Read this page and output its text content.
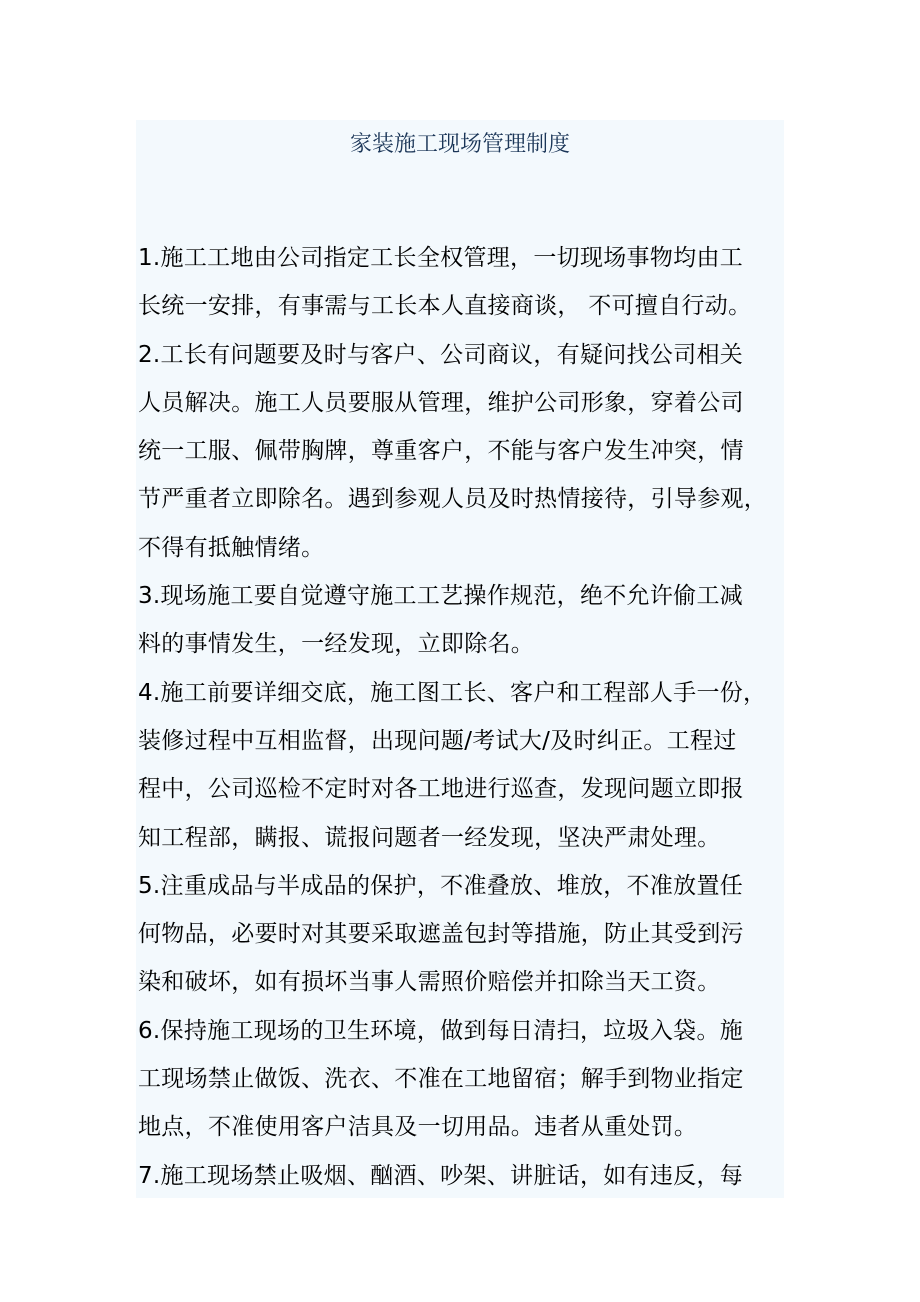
家装施工现场管理制度
1.施工工地由公司指定工长全权管理，一切现场事物均由工
长统一安排，有事需与工长本人直接商谈， 不可擅自行动。
2.工长有问题要及时与客户、公司商议，有疑问找公司相关
人员解决。施工人员要服从管理，维护公司形象，穿着公司
统一工服、佩带胸牌，尊重客户，不能与客户发生冲突，情
节严重者立即除名。遇到参观人员及时热情接待，引导参观，
不得有抵触情绪。
3.现场施工要自觉遵守施工工艺操作规范，绝不允许偷工减
料的事情发生，一经发现，立即除名。
4.施工前要详细交底，施工图工长、客户和工程部人手一份，
装修过程中互相监督，出现问题/考试大/及时纠正。工程过
程中，公司巡检不定时对各工地进行巡查，发现问题立即报
知工程部，瞒报、谎报问题者一经发现，坚决严肃处理。
5.注重成品与半成品的保护，不准叠放、堆放，不准放置任
何物品，必要时对其要采取遮盖包封等措施，防止其受到污
染和破坏，如有损坏当事人需照价赔偿并扣除当天工资。
6.保持施工现场的卫生环境，做到每日清扫，垃圾入袋。施
工现场禁止做饭、洗衣、不准在工地留宿；解手到物业指定
地点，不准使用客户洁具及一切用品。违者从重处罚。
7.施工现场禁止吸烟、酗酒、吵架、讲脏话，如有违反，每
